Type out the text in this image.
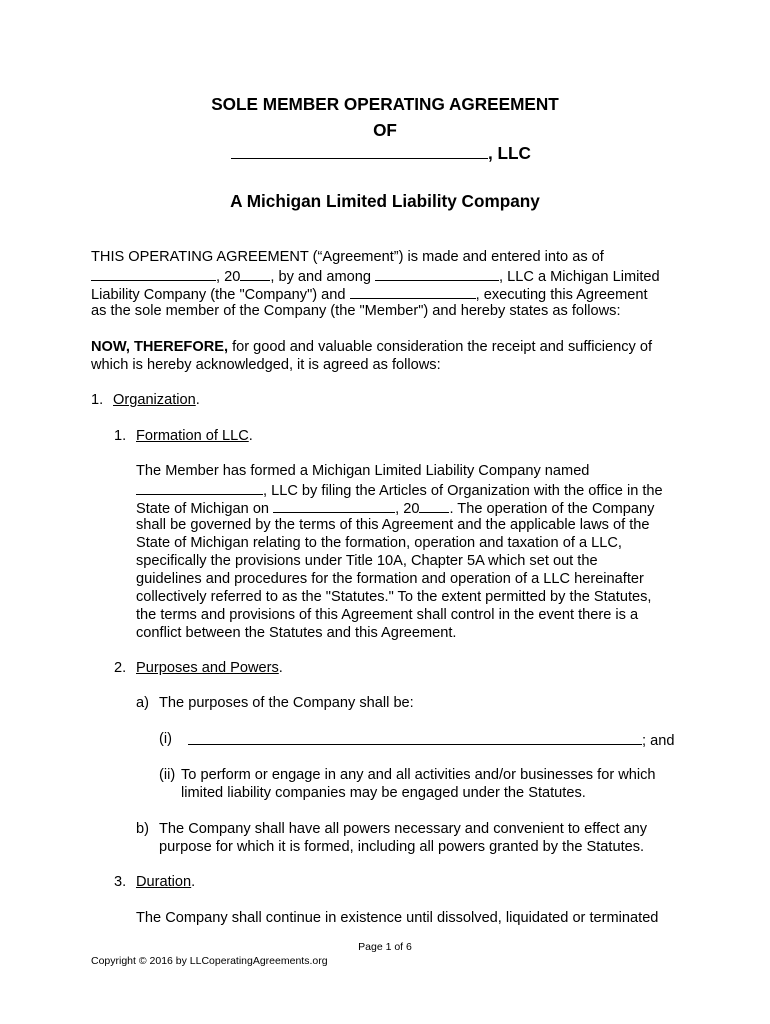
SOLE MEMBER OPERATING AGREEMENT
OF
, LLC
A Michigan Limited Liability Company
THIS OPERATING AGREEMENT (“Agreement”) is made and entered into as of
, 20 , by and among	, LLC a Michigan Limited
Liability Company (the "Company") and	, executing this Agreement
as the sole member of the Company (the "Member") and hereby states as follows:
NOW, THEREFORE, for good and valuable consideration the receipt and sufficiency of
which is hereby acknowledged, it is agreed as follows:
1. Organization.
1. Formation of LLC.
The Member has formed a Michigan Limited Liability Company named
, LLC by filing the Articles of Organization with the office in the
State of Michigan on	, 20 . The operation of the Company
shall be governed by the terms of this Agreement and the applicable laws of the
State of Michigan relating to the formation, operation and taxation of a LLC,
specifically the provisions under Title 10A, Chapter 5A which set out the
guidelines and procedures for the formation and operation of a LLC hereinafter
collectively referred to as the "Statutes." To the extent permitted by the Statutes,
the terms and provisions of this Agreement shall control in the event there is a
conflict between the Statutes and this Agreement.
2. Purposes and Powers.
a) The purposes of the Company shall be:
(i)	; and
(ii) To perform or engage in any and all activities and/or businesses for which
limited liability companies may be engaged under the Statutes.
b) The Company shall have all powers necessary and convenient to effect any
purpose for which it is formed, including all powers granted by the Statutes.
3. Duration.
The Company shall continue in existence until dissolved, liquidated or terminated
Page 1 of 6
Copyright © 2016 by LLCoperatingAgreements.org
